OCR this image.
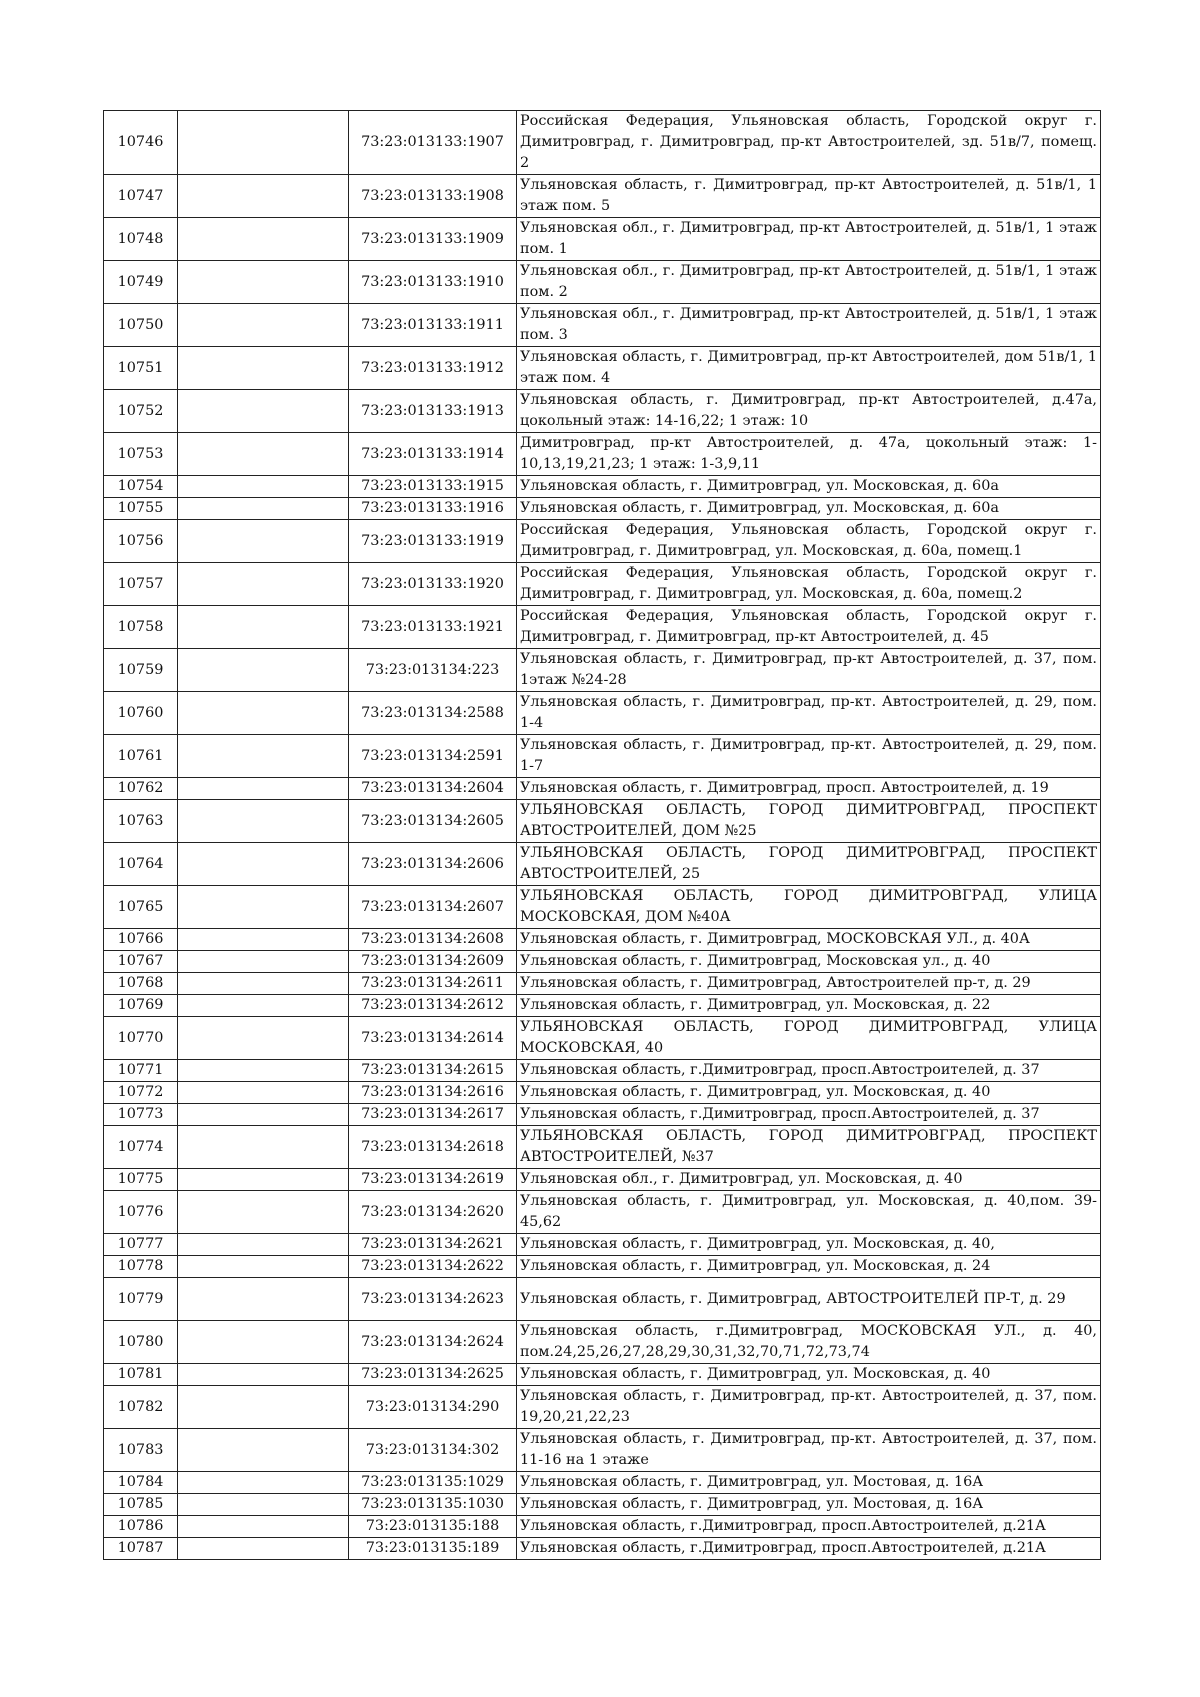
10746		73:23:013133:1907	Российская Федерация, Ульяновская область, Городской округ г. Димитровград, г. Димитровград, пр-кт Автостроителей, зд. 51в/7, помещ. 2
10747		73:23:013133:1908	Ульяновская область, г. Димитровград, пр-кт Автостроителей, д. 51в/1, 1 этаж пом. 5
10748		73:23:013133:1909	Ульяновская обл., г. Димитровград, пр-кт Автостроителей, д. 51в/1, 1 этаж пом. 1
10749		73:23:013133:1910	Ульяновская обл., г. Димитровград, пр-кт Автостроителей, д. 51в/1, 1 этаж пом. 2
10750		73:23:013133:1911	Ульяновская обл., г. Димитровград, пр-кт Автостроителей, д. 51в/1, 1 этаж пом. 3
10751		73:23:013133:1912	Ульяновская область, г. Димитровград, пр-кт Автостроителей, дом 51в/1, 1 этаж пом. 4
10752		73:23:013133:1913	Ульяновская область, г. Димитровград, пр-кт Автостроителей, д.47а, цокольный этаж: 14-16,22; 1 этаж: 10
10753		73:23:013133:1914	Димитровград, пр-кт Автостроителей, д. 47а, цокольный этаж: 1-10,13,19,21,23; 1 этаж: 1-3,9,11
10754		73:23:013133:1915	Ульяновская область, г. Димитровград, ул. Московская, д. 60а
10755		73:23:013133:1916	Ульяновская область, г. Димитровград, ул. Московская, д. 60а
10756		73:23:013133:1919	Российская Федерация, Ульяновская область, Городской округ г. Димитровград, г. Димитровград, ул. Московская, д. 60а, помещ.1
10757		73:23:013133:1920	Российская Федерация, Ульяновская область, Городской округ г. Димитровград, г. Димитровград, ул. Московская, д. 60а, помещ.2
10758		73:23:013133:1921	Российская Федерация, Ульяновская область, Городской округ г. Димитровград, г. Димитровград, пр-кт Автостроителей, д. 45
10759		73:23:013134:223	Ульяновская область, г. Димитровград, пр-кт Автостроителей, д. 37, пом. 1этаж №24-28
10760		73:23:013134:2588	Ульяновская область, г. Димитровград, пр-кт. Автостроителей, д. 29, пом. 1-4
10761		73:23:013134:2591	Ульяновская область, г. Димитровград, пр-кт. Автостроителей, д. 29, пом. 1-7
10762		73:23:013134:2604	Ульяновская область, г. Димитровград, просп. Автостроителей, д. 19
10763		73:23:013134:2605	УЛЬЯНОВСКАЯ ОБЛАСТЬ, ГОРОД ДИМИТРОВГРАД, ПРОСПЕКТ АВТОСТРОИТЕЛЕЙ, ДОМ №25
10764		73:23:013134:2606	УЛЬЯНОВСКАЯ ОБЛАСТЬ, ГОРОД ДИМИТРОВГРАД, ПРОСПЕКТ АВТОСТРОИТЕЛЕЙ, 25
10765		73:23:013134:2607	УЛЬЯНОВСКАЯ ОБЛАСТЬ, ГОРОД ДИМИТРОВГРАД, УЛИЦА МОСКОВСКАЯ, ДОМ №40А
10766		73:23:013134:2608	Ульяновская область, г. Димитровград, МОСКОВСКАЯ УЛ., д. 40А
10767		73:23:013134:2609	Ульяновская область, г. Димитровград, Московская ул., д. 40
10768		73:23:013134:2611	Ульяновская область, г. Димитровград, Автостроителей пр-т, д. 29
10769		73:23:013134:2612	Ульяновская область, г. Димитровград, ул. Московская, д. 22
10770		73:23:013134:2614	УЛЬЯНОВСКАЯ ОБЛАСТЬ, ГОРОД ДИМИТРОВГРАД, УЛИЦА МОСКОВСКАЯ, 40
10771		73:23:013134:2615	Ульяновская область, г.Димитровград, просп.Автостроителей, д. 37
10772		73:23:013134:2616	Ульяновская область, г. Димитровград, ул. Московская, д. 40
10773		73:23:013134:2617	Ульяновская область, г.Димитровград, просп.Автостроителей, д. 37
10774		73:23:013134:2618	УЛЬЯНОВСКАЯ ОБЛАСТЬ, ГОРОД ДИМИТРОВГРАД, ПРОСПЕКТ АВТОСТРОИТЕЛЕЙ, №37
10775		73:23:013134:2619	Ульяновская обл., г. Димитровград, ул. Московская, д. 40
10776		73:23:013134:2620	Ульяновская область, г. Димитровград, ул. Московская, д. 40,пом. 39-45,62
10777		73:23:013134:2621	Ульяновская область, г. Димитровград, ул. Московская, д. 40,
10778		73:23:013134:2622	Ульяновская область, г. Димитровград, ул. Московская, д. 24
10779		73:23:013134:2623	Ульяновская область, г. Димитровград, АВТОСТРОИТЕЛЕЙ ПР-Т, д. 29
10780		73:23:013134:2624	Ульяновская область, г.Димитровград, МОСКОВСКАЯ УЛ., д. 40, пом.24,25,26,27,28,29,30,31,32,70,71,72,73,74
10781		73:23:013134:2625	Ульяновская область, г. Димитровград, ул. Московская, д. 40
10782		73:23:013134:290	Ульяновская область, г. Димитровград, пр-кт. Автостроителей, д. 37, пом. 19,20,21,22,23
10783		73:23:013134:302	Ульяновская область, г. Димитровград, пр-кт. Автостроителей, д. 37, пом. 11-16 на 1 этаже
10784		73:23:013135:1029	Ульяновская область, г. Димитровград, ул. Мостовая, д. 16А
10785		73:23:013135:1030	Ульяновская область, г. Димитровград, ул. Мостовая, д. 16А
10786		73:23:013135:188	Ульяновская область, г.Димитровград, просп.Автостроителей, д.21А
10787		73:23:013135:189	Ульяновская область, г.Димитровград, просп.Автостроителей, д.21А
